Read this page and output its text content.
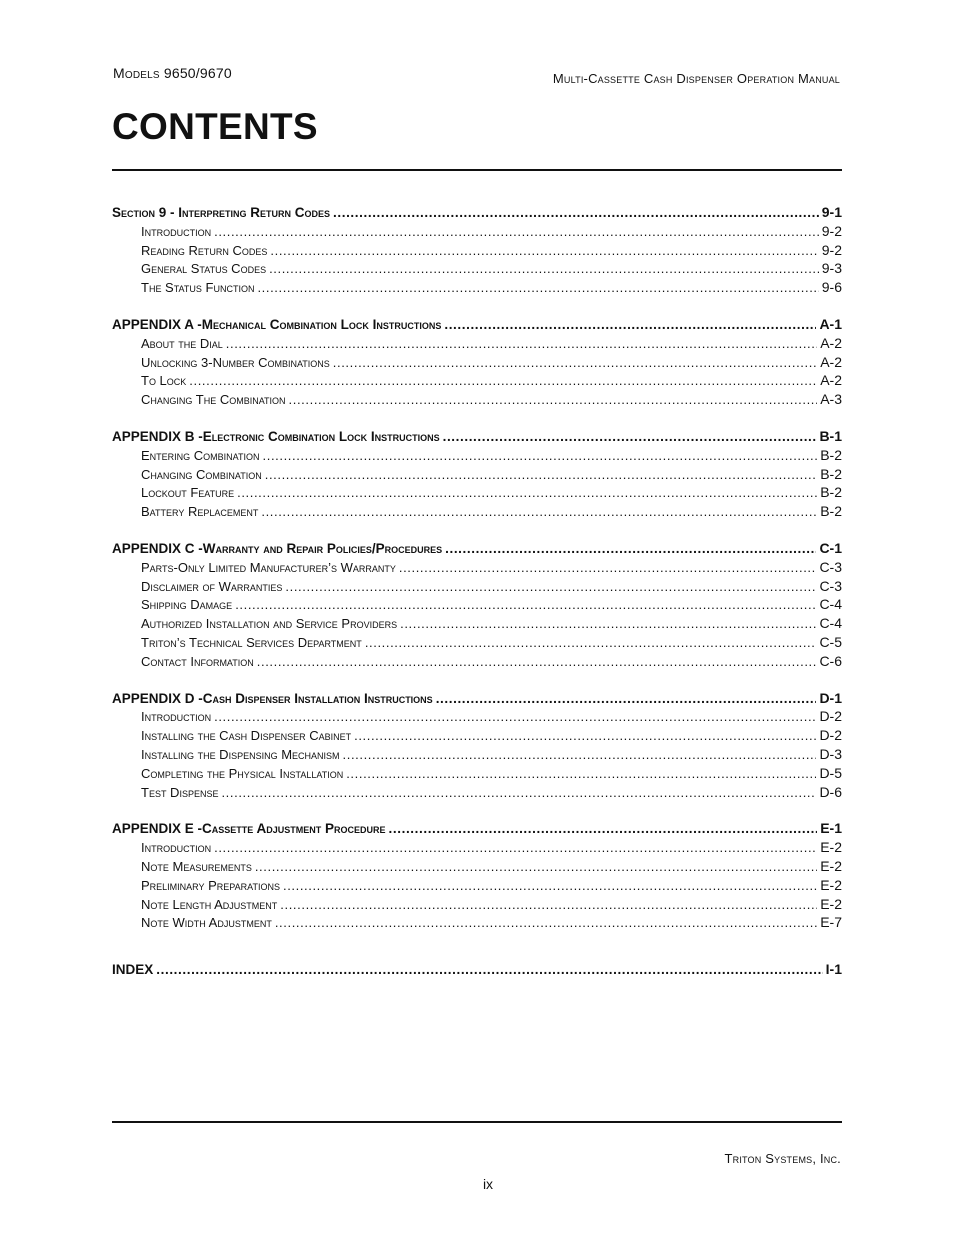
Models 9650/9670	Multi-Cassette Cash Dispenser Operation Manual
CONTENTS
Section 9 - Interpreting Return Codes .....	9-1
Introduction .....	9-2
Reading Return Codes .....	9-2
General Status Codes .....	9-3
The Status Function .....	9-6
APPENDIX A - Mechanical Combination Lock Instructions .....	A-1
About the Dial .....	A-2
Unlocking 3-Number Combinations .....	A-2
To Lock .....	A-2
Changing The Combination .....	A-3
APPENDIX B - Electronic Combination Lock Instructions .....	B-1
Entering Combination .....	B-2
Changing Combination .....	B-2
Lockout Feature .....	B-2
Battery Replacement .....	B-2
APPENDIX C - Warranty and Repair Policies/Procedures .....	C-1
Parts-Only Limited Manufacturer’s Warranty .....	C-3
Disclaimer of Warranties .....	C-3
Shipping Damage .....	C-4
Authorized Installation and Service Providers .....	C-4
Triton’s Technical Services Department .....	C-5
Contact Information .....	C-6
APPENDIX D - Cash Dispenser Installation Instructions .....	D-1
Introduction .....	D-2
Installing the Cash Dispenser Cabinet .....	D-2
Installing the Dispensing Mechanism .....	D-3
Completing the Physical Installation .....	D-5
Test Dispense .....	D-6
APPENDIX E - Cassette Adjustment Procedure .....	E-1
Introduction .....	E-2
Note Measurements .....	E-2
Preliminary Preparations .....	E-2
Note Length Adjustment .....	E-2
Note Width Adjustment .....	E-7
INDEX .....	I-1
Triton Systems, Inc.
ix
